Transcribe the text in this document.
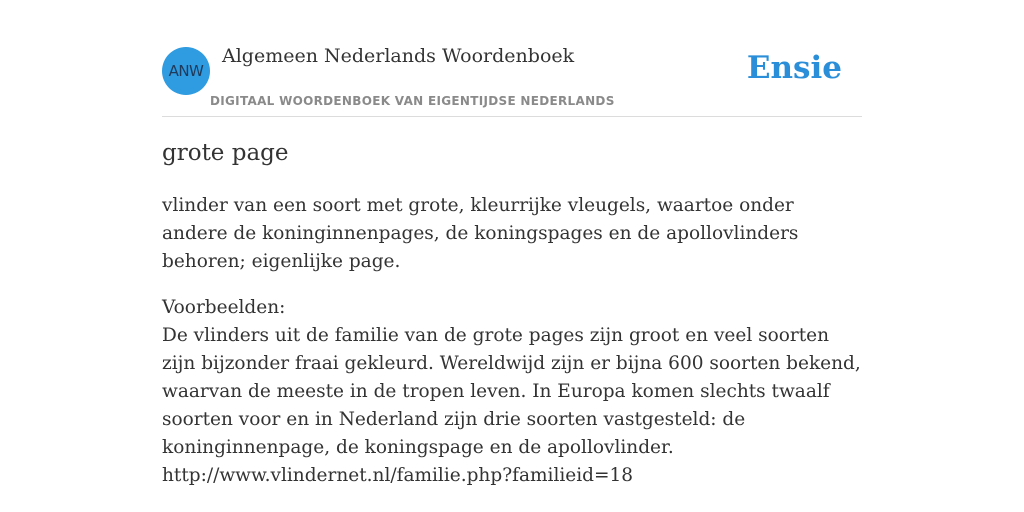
ANW
Algemeen Nederlands Woordenboek
DIGITAAL WOORDENBOEK VAN EIGENTIJDSE NEDERLANDS
Ensie
grote page

vlinder van een soort met grote, kleurrijke vleugels, waartoe onder andere de koninginnenpages, de koningspages en de apollovlinders behoren; eigenlijke page.

Voorbeelden:
De vlinders uit de familie van de grote pages zijn groot en veel soorten zijn bijzonder fraai gekleurd. Wereldwijd zijn er bijna 600 soorten bekend, waarvan de meeste in de tropen leven. In Europa komen slechts twaalf soorten voor en in Nederland zijn drie soorten vastgesteld: de koninginnenpage, de koningspage en de apollovlinder.
http://www.vlindernet.nl/familie.php?familieid=18
